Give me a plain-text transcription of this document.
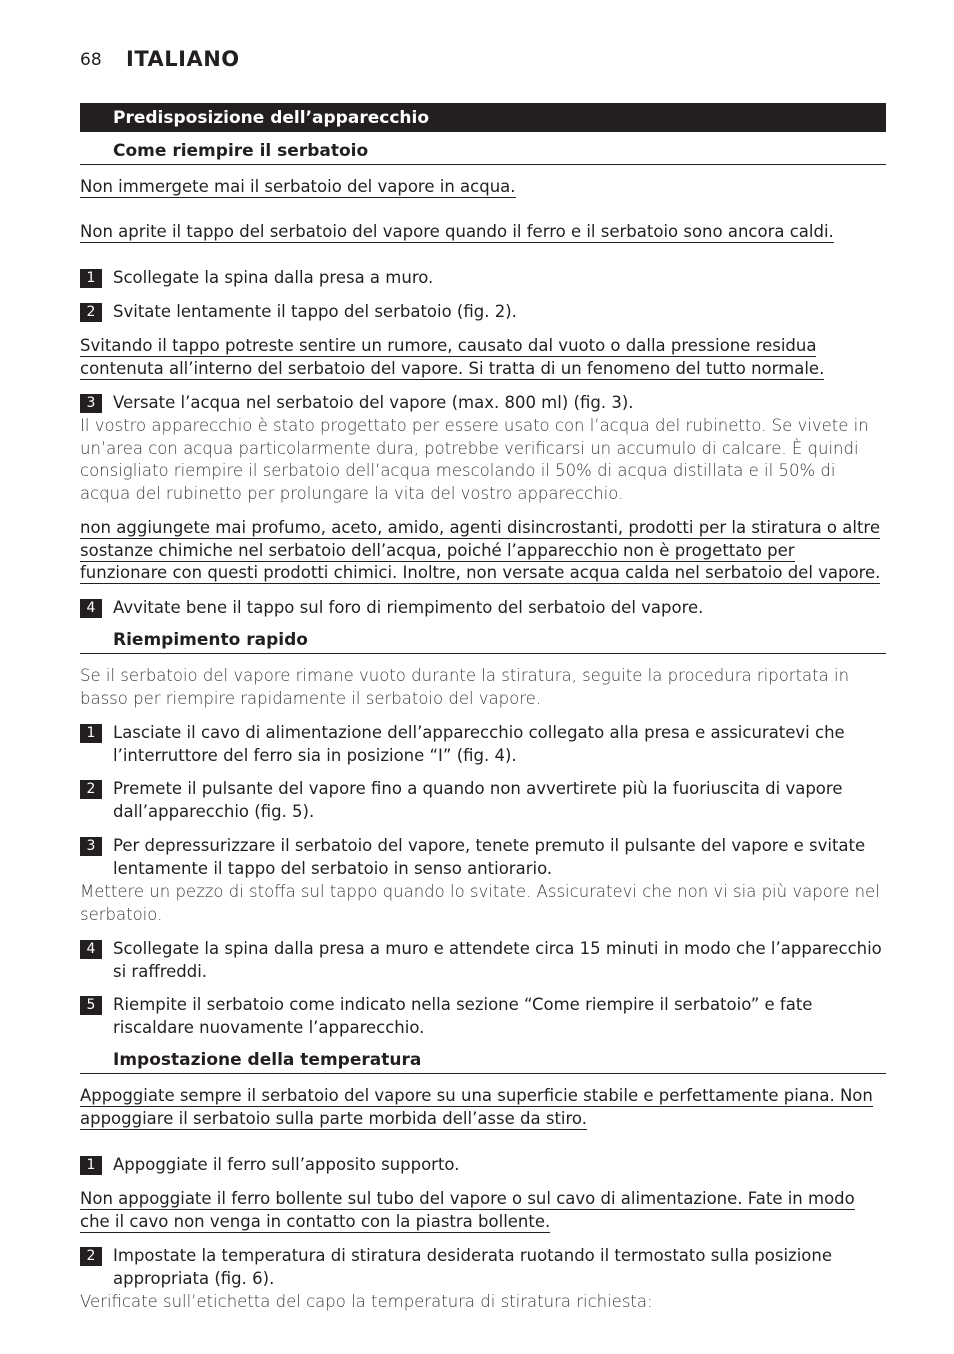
68 ITALIANO
Predisposizione dell’apparecchio
Come riempire il serbatoio
Non immergete mai il serbatoio del vapore in acqua.
Non aprite il tappo del serbatoio del vapore quando il ferro e il serbatoio sono ancora caldi.
1	Scollegate la spina dalla presa a muro.
2	Svitate lentamente il tappo del serbatoio (fig. 2).
Svitando il tappo potreste sentire un rumore, causato dal vuoto o dalla pressione residua contenuta all’interno del serbatoio del vapore. Si tratta di un fenomeno del tutto normale.
3	Versate l’acqua nel serbatoio del vapore (max. 800 ml) (fig. 3).
Il vostro apparecchio è stato progettato per essere usato con l’acqua del rubinetto. Se vivete in un’area con acqua particolarmente dura, potrebbe verificarsi un accumulo di calcare. È quindi consigliato riempire il serbatoio dell’acqua mescolando il 50% di acqua distillata e il 50% di acqua del rubinetto per prolungare la vita del vostro apparecchio.
non aggiungete mai profumo, aceto, amido, agenti disincrostanti, prodotti per la stiratura o altre sostanze chimiche nel serbatoio dell’acqua, poiché l’apparecchio non è progettato per funzionare con questi prodotti chimici. Inoltre, non versate acqua calda nel serbatoio del vapore.
4	Avvitate bene il tappo sul foro di riempimento del serbatoio del vapore.
Riempimento rapido
Se il serbatoio del vapore rimane vuoto durante la stiratura, seguite la procedura riportata in basso per riempire rapidamente il serbatoio del vapore.
1	Lasciate il cavo di alimentazione dell’apparecchio collegato alla presa e assicuratevi che l’interruttore del ferro sia in posizione “I” (fig. 4).
2	Premete il pulsante del vapore fino a quando non avvertirete più la fuoriuscita di vapore dall’apparecchio (fig. 5).
3	Per depressurizzare il serbatoio del vapore, tenete premuto il pulsante del vapore e svitate lentamente il tappo del serbatoio in senso antiorario.
Mettere un pezzo di stoffa sul tappo quando lo svitate. Assicuratevi che non vi sia più vapore nel serbatoio.
4	Scollegate la spina dalla presa a muro e attendete circa 15 minuti in modo che l’apparecchio si raffreddi.
5	Riempite il serbatoio come indicato nella sezione “Come riempire il serbatoio” e fate riscaldare nuovamente l’apparecchio.
Impostazione della temperatura
Appoggiate sempre il serbatoio del vapore su una superficie stabile e perfettamente piana. Non appoggiare il serbatoio sulla parte morbida dell’asse da stiro.
1	Appoggiate il ferro sull’apposito supporto.
Non appoggiate il ferro bollente sul tubo del vapore o sul cavo di alimentazione. Fate in modo che il cavo non venga in contatto con la piastra bollente.
2	Impostate la temperatura di stiratura desiderata ruotando il termostato sulla posizione appropriata (fig. 6).
Verificate sull’etichetta del capo la temperatura di stiratura richiesta:
